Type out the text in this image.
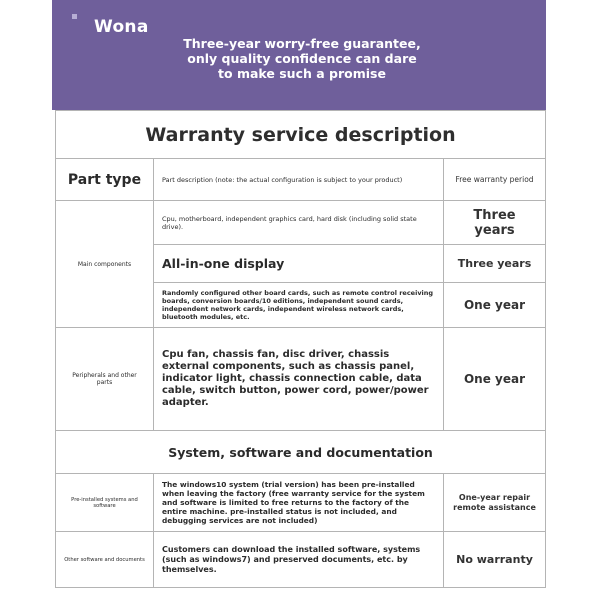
Wona
Three-year worry-free guarantee,
only quality confidence can dare
to make such a promise
Warranty service description		
Part type	Part description (note: the actual configuration is subject to your product)	Free warranty period
Main components	Cpu, motherboard, independent graphics card, hard disk (including solid state drive).	Three years
	All-in-one display	Three years
	Randomly configured other board cards, such as remote control receiving boards, conversion boards/10 editions, independent sound cards, independent network cards, independent wireless network cards, bluetooth modules, etc.	One year
Peripherals and other parts	Cpu fan, chassis fan, disc driver, chassis external components, such as chassis panel, indicator light, chassis connection cable, data cable, switch button, power cord, power/power adapter.	One year
System, software and documentation		
Pre-installed systems and software	The windows10 system (trial version) has been pre-installed when leaving the factory (free warranty service for the system and software is limited to free returns to the factory of the entire machine. pre-installed status is not included, and debugging services are not included)	One-year repair remote assistance
Other software and documents	Customers can download the installed software, systems (such as windows7) and preserved documents, etc. by themselves.	No warranty
